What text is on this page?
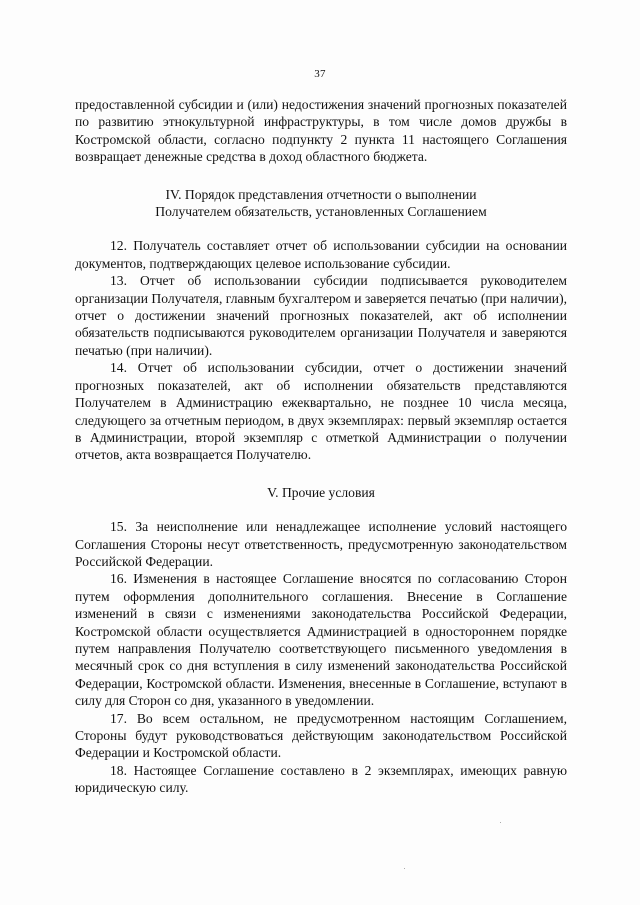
37

предоставленной субсидии и (или) недостижения значений прогнозных показателей по развитию этнокультурной инфраструктуры, в том числе домов дружбы в Костромской области, согласно подпункту 2 пункта 11 настоящего Соглашения возвращает денежные средства в доход областного бюджета.

IV. Порядок представления отчетности о выполнении

Получателем обязательств, установленных Соглашением

12. Получатель составляет отчет об использовании субсидии на основании документов, подтверждающих целевое использование субсидии.

13. Отчет об использовании субсидии подписывается руководителем организации Получателя, главным бухгалтером и заверяется печатью (при наличии), отчет о достижении значений прогнозных показателей, акт об исполнении обязательств подписываются руководителем организации Получателя и заверяются печатью (при наличии).

14. Отчет об использовании субсидии, отчет о достижении значений прогнозных показателей, акт об исполнении обязательств представляются Получателем в Администрацию ежеквартально, не позднее 10 числа месяца, следующего за отчетным периодом, в двух экземплярах: первый экземпляр остается в Администрации, второй экземпляр с отметкой Администрации о получении отчетов, акта возвращается Получателю.

V. Прочие условия

15. За неисполнение или ненадлежащее исполнение условий настоящего Соглашения Стороны несут ответственность, предусмотренную законодательством Российской Федерации.

16. Изменения в настоящее Соглашение вносятся по согласованию Сторон путем оформления дополнительного соглашения. Внесение в Соглашение изменений в связи с изменениями законодательства Российской Федерации, Костромской области осуществляется Администрацией в одностороннем порядке путем направления Получателю соответствующего письменного уведомления в месячный срок со дня вступления в силу изменений законодательства Российской Федерации, Костромской области. Изменения, внесенные в Соглашение, вступают в силу для Сторон со дня, указанного в уведомлении.

17. Во всем остальном, не предусмотренном настоящим Соглашением, Стороны будут руководствоваться действующим законодательством Российской Федерации и Костромской области.

18. Настоящее Соглашение составлено в 2 экземплярах, имеющих равную юридическую силу.
